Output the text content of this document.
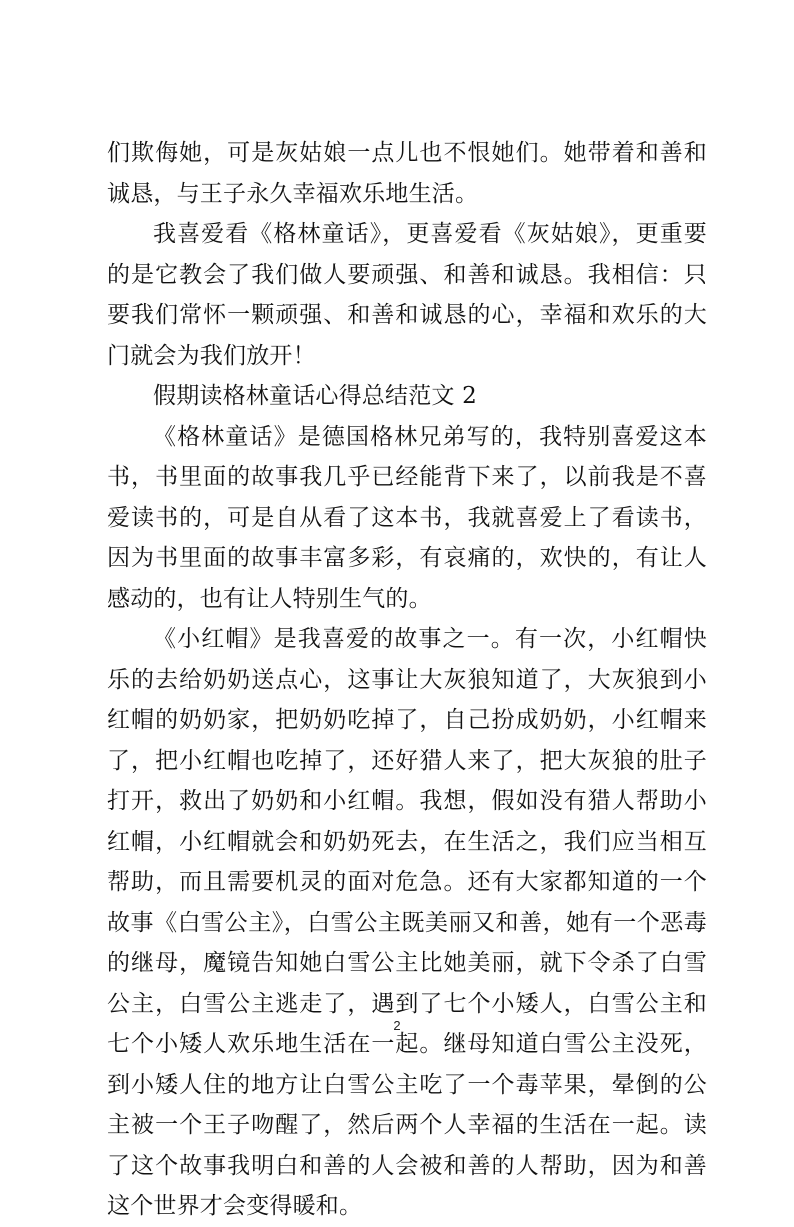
们欺侮她，可是灰姑娘一点儿也不恨她们。她带着和善和诚恳，与王子永久幸福欢乐地生活。

我喜爱看《格林童话》，更喜爱看《灰姑娘》，更重要的是它教会了我们做人要顽强、和善和诚恳。我相信：只要我们常怀一颗顽强、和善和诚恳的心，幸福和欢乐的大门就会为我们放开！

假期读格林童话心得总结范文 2

《格林童话》是德国格林兄弟写的，我特别喜爱这本书，书里面的故事我几乎已经能背下来了，以前我是不喜爱读书的，可是自从看了这本书，我就喜爱上了看读书，因为书里面的故事丰富多彩，有哀痛的，欢快的，有让人感动的，也有让人特别生气的。

《小红帽》是我喜爱的故事之一。有一次，小红帽快乐的去给奶奶送点心，这事让大灰狼知道了，大灰狼到小红帽的奶奶家，把奶奶吃掉了，自己扮成奶奶，小红帽来了，把小红帽也吃掉了，还好猎人来了，把大灰狼的肚子打开，救出了奶奶和小红帽。我想，假如没有猎人帮助小红帽，小红帽就会和奶奶死去，在生活之，我们应当相互帮助，而且需要机灵的面对危急。还有大家都知道的一个故事《白雪公主》，白雪公主既美丽又和善，她有一个恶毒的继母，魔镜告知她白雪公主比她美丽，就下令杀了白雪公主，白雪公主逃走了，遇到了七个小矮人，白雪公主和七个小矮人欢乐地生活在一起。继母知道白雪公主没死，到小矮人住的地方让白雪公主吃了一个毒苹果，晕倒的公主被一个王子吻醒了，然后两个人幸福的生活在一起。读了这个故事我明白和善的人会被和善的人帮助，因为和善这个世界才会变得暖和。

2
